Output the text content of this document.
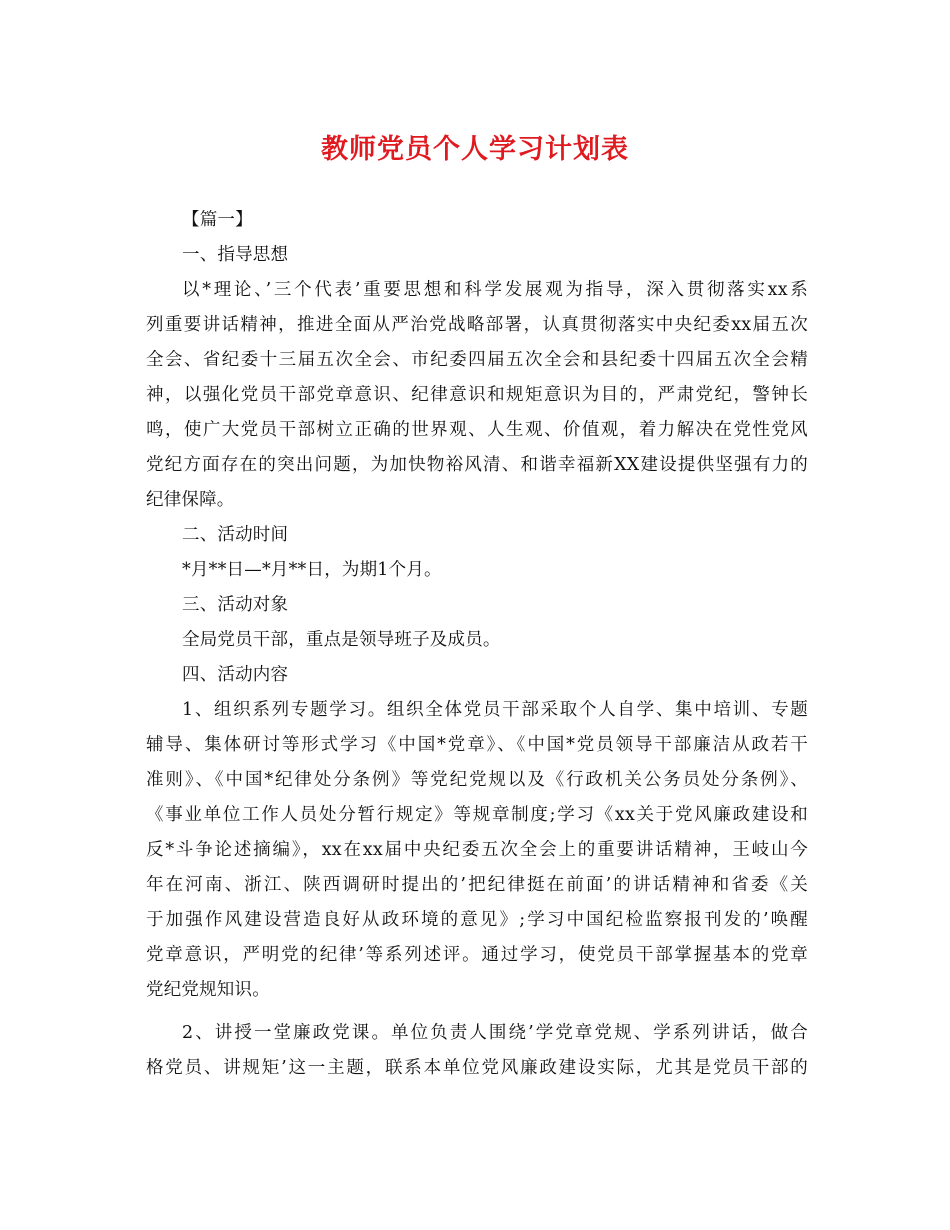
教师党员个人学习计划表
【篇一】
一、指导思想
以*理论、’三个代表’重要思想和科学发展观为指导，深入贯彻落实xx系
列重要讲话精神，推进全面从严治党战略部署，认真贯彻落实中央纪委xx届五次
全会、省纪委十三届五次全会、市纪委四届五次全会和县纪委十四届五次全会精
神，以强化党员干部党章意识、纪律意识和规矩意识为目的，严肃党纪，警钟长
鸣，使广大党员干部树立正确的世界观、人生观、价值观，着力解决在党性党风
党纪方面存在的突出问题，为加快物裕风清、和谐幸福新XX建设提供坚强有力的
纪律保障。
二、活动时间
*月**日—*月**日，为期1个月。
三、活动对象
全局党员干部，重点是领导班子及成员。
四、活动内容
1、组织系列专题学习。组织全体党员干部采取个人自学、集中培训、专题
辅导、集体研讨等形式学习《中国*党章》、《中国*党员领导干部廉洁从政若干
准则》、《中国*纪律处分条例》等党纪党规以及《行政机关公务员处分条例》、
《事业单位工作人员处分暂行规定》等规章制度;学习《xx关于党风廉政建设和
反*斗争论述摘编》，xx在xx届中央纪委五次全会上的重要讲话精神，王岐山今
年在河南、浙江、陕西调研时提出的’把纪律挺在前面’的讲话精神和省委《关
于加强作风建设营造良好从政环境的意见》;学习中国纪检监察报刊发的’唤醒
党章意识，严明党的纪律’等系列述评。通过学习，使党员干部掌握基本的党章
党纪党规知识。
2、讲授一堂廉政党课。单位负责人围绕’学党章党规、学系列讲话，做合
格党员、讲规矩’这一主题，联系本单位党风廉政建设实际，尤其是党员干部的
